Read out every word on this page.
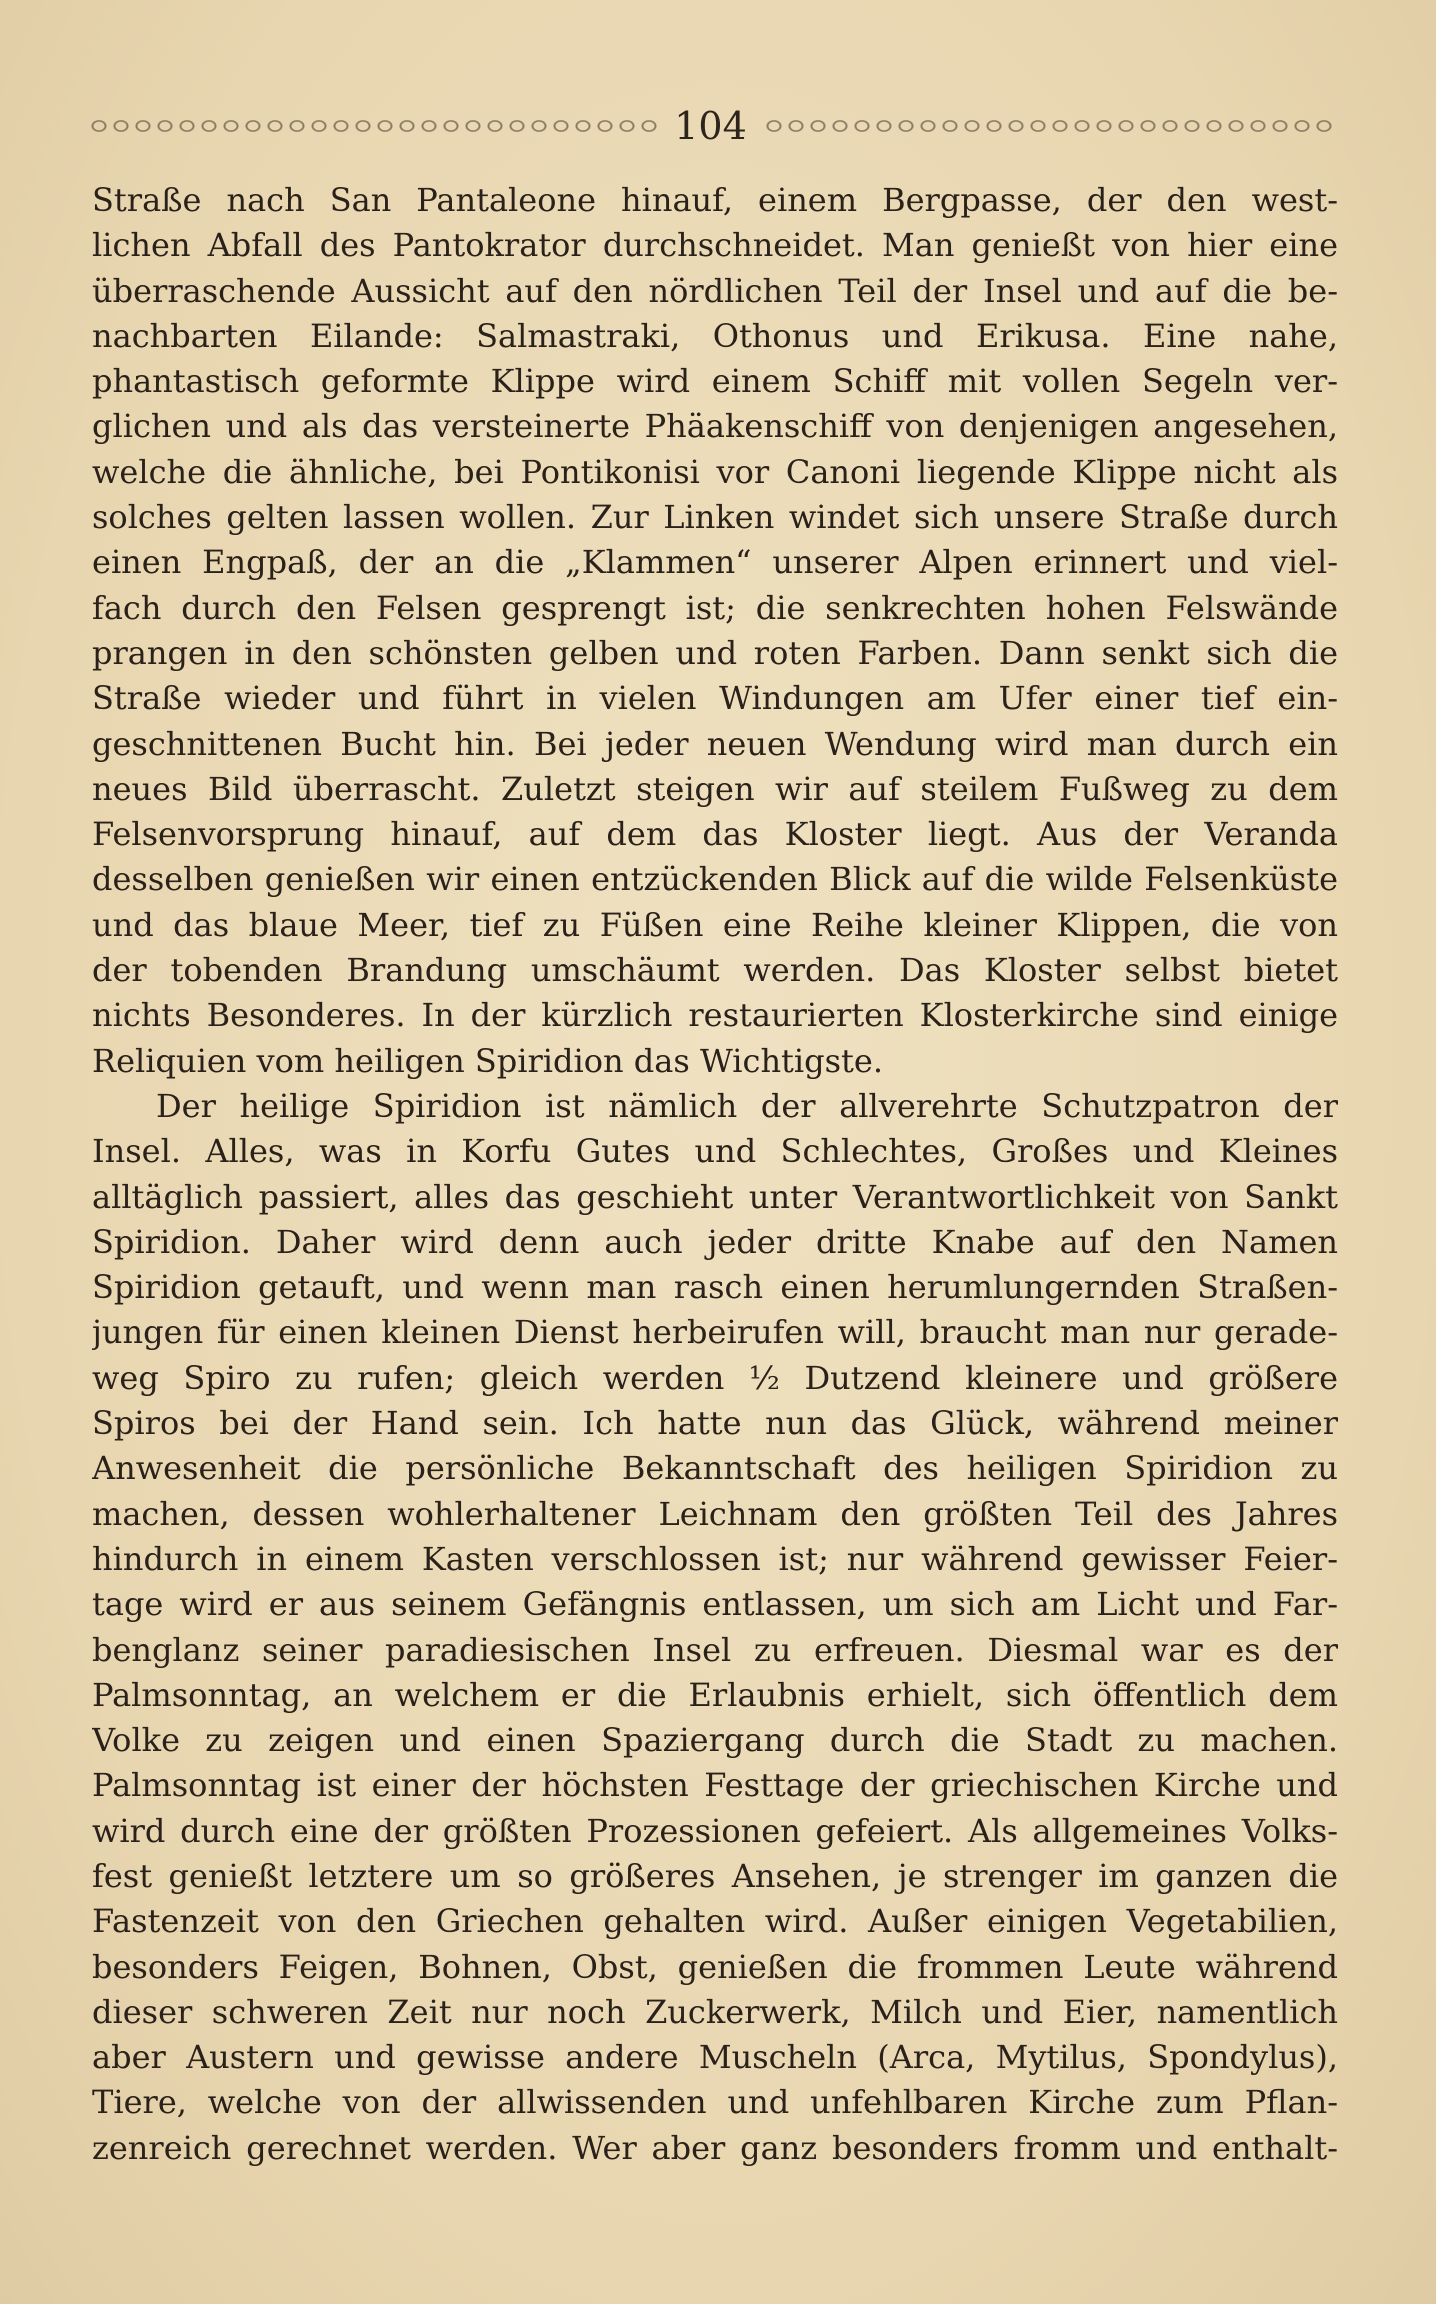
104
Straße nach San Pantaleone hinauf, einem Bergpasse, der den west-
lichen Abfall des Pantokrator durchschneidet. Man genießt von hier eine
überraschende Aussicht auf den nördlichen Teil der Insel und auf die be-
nachbarten Eilande: Salmastraki, Othonus und Erikusa. Eine nahe,
phantastisch geformte Klippe wird einem Schiff mit vollen Segeln ver-
glichen und als das versteinerte Phäakenschiff von denjenigen angesehen,
welche die ähnliche, bei Pontikonisi vor Canoni liegende Klippe nicht als
solches gelten lassen wollen. Zur Linken windet sich unsere Straße durch
einen Engpaß, der an die „Klammen“ unserer Alpen erinnert und viel-
fach durch den Felsen gesprengt ist; die senkrechten hohen Felswände
prangen in den schönsten gelben und roten Farben. Dann senkt sich die
Straße wieder und führt in vielen Windungen am Ufer einer tief ein-
geschnittenen Bucht hin. Bei jeder neuen Wendung wird man durch ein
neues Bild überrascht. Zuletzt steigen wir auf steilem Fußweg zu dem
Felsenvorsprung hinauf, auf dem das Kloster liegt. Aus der Veranda
desselben genießen wir einen entzückenden Blick auf die wilde Felsenküste
und das blaue Meer, tief zu Füßen eine Reihe kleiner Klippen, die von
der tobenden Brandung umschäumt werden. Das Kloster selbst bietet
nichts Besonderes. In der kürzlich restaurierten Klosterkirche sind einige
Reliquien vom heiligen Spiridion das Wichtigste.
Der heilige Spiridion ist nämlich der allverehrte Schutzpatron der
Insel. Alles, was in Korfu Gutes und Schlechtes, Großes und Kleines
alltäglich passiert, alles das geschieht unter Verantwortlichkeit von Sankt
Spiridion. Daher wird denn auch jeder dritte Knabe auf den Namen
Spiridion getauft, und wenn man rasch einen herumlungernden Straßen-
jungen für einen kleinen Dienst herbeirufen will, braucht man nur gerade-
weg Spiro zu rufen; gleich werden ½ Dutzend kleinere und größere
Spiros bei der Hand sein. Ich hatte nun das Glück, während meiner
Anwesenheit die persönliche Bekanntschaft des heiligen Spiridion zu
machen, dessen wohlerhaltener Leichnam den größten Teil des Jahres
hindurch in einem Kasten verschlossen ist; nur während gewisser Feier-
tage wird er aus seinem Gefängnis entlassen, um sich am Licht und Far-
benglanz seiner paradiesischen Insel zu erfreuen. Diesmal war es der
Palmsonntag, an welchem er die Erlaubnis erhielt, sich öffentlich dem
Volke zu zeigen und einen Spaziergang durch die Stadt zu machen.
Palmsonntag ist einer der höchsten Festtage der griechischen Kirche und
wird durch eine der größten Prozessionen gefeiert. Als allgemeines Volks-
fest genießt letztere um so größeres Ansehen, je strenger im ganzen die
Fastenzeit von den Griechen gehalten wird. Außer einigen Vegetabilien,
besonders Feigen, Bohnen, Obst, genießen die frommen Leute während
dieser schweren Zeit nur noch Zuckerwerk, Milch und Eier, namentlich
aber Austern und gewisse andere Muscheln (Arca, Mytilus, Spondylus),
Tiere, welche von der allwissenden und unfehlbaren Kirche zum Pflan-
zenreich gerechnet werden. Wer aber ganz besonders fromm und enthalt-
